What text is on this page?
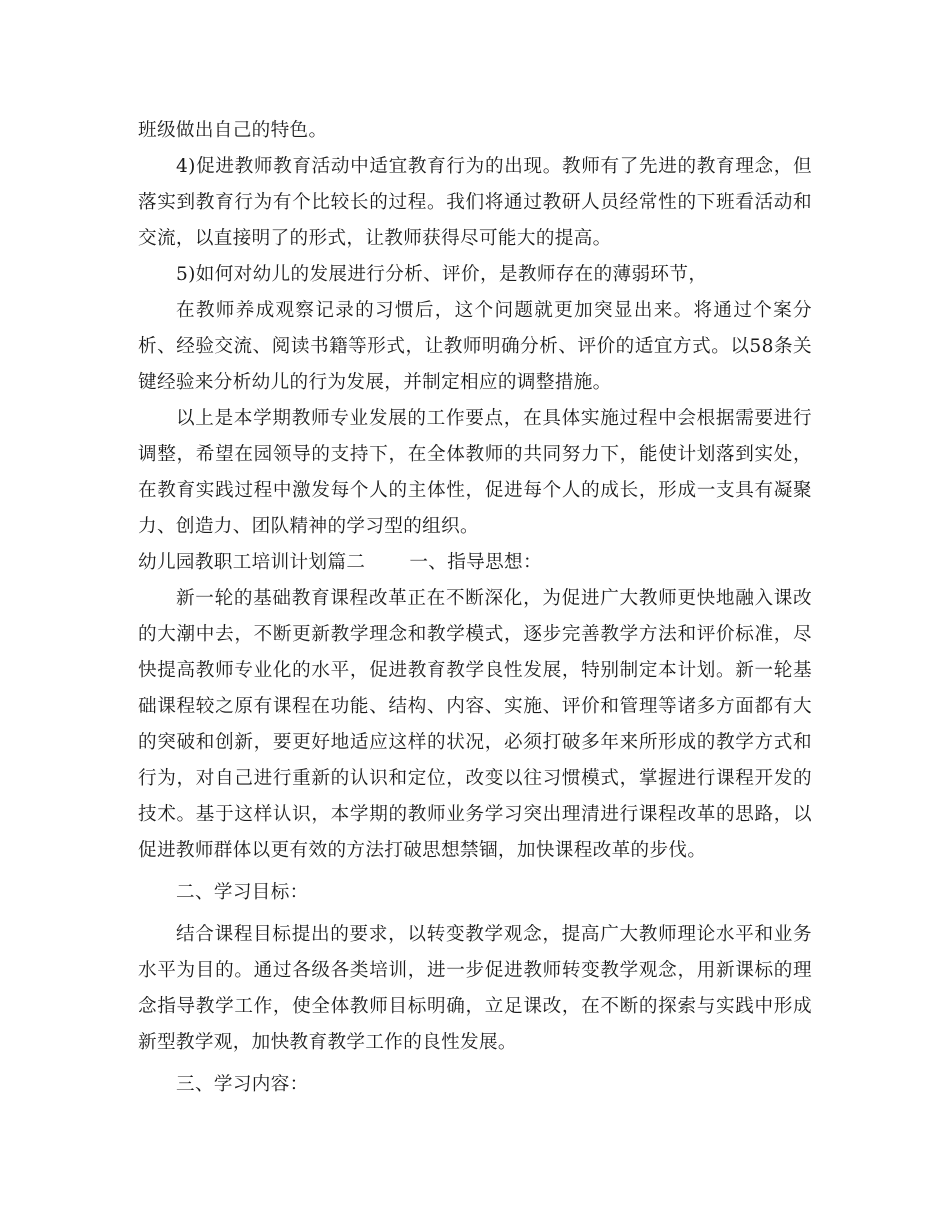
班级做出自己的特色。

4)促进教师教育活动中适宜教育行为的出现。教师有了先进的教育理念，但落实到教育行为有个比较长的过程。我们将通过教研人员经常性的下班看活动和交流，以直接明了的形式，让教师获得尽可能大的提高。

5)如何对幼儿的发展进行分析、评价，是教师存在的薄弱环节，

在教师养成观察记录的习惯后，这个问题就更加突显出来。将通过个案分析、经验交流、阅读书籍等形式，让教师明确分析、评价的适宜方式。以58条关键经验来分析幼儿的行为发展，并制定相应的调整措施。

以上是本学期教师专业发展的工作要点，在具体实施过程中会根据需要进行调整，希望在园领导的支持下，在全体教师的共同努力下，能使计划落到实处，在教育实践过程中激发每个人的主体性，促进每个人的成长，形成一支具有凝聚力、创造力、团队精神的学习型的组织。

幼儿园教职工培训计划篇二 一、指导思想：

新一轮的基础教育课程改革正在不断深化，为促进广大教师更快地融入课改的大潮中去，不断更新教学理念和教学模式，逐步完善教学方法和评价标准，尽快提高教师专业化的水平，促进教育教学良性发展，特别制定本计划。新一轮基础课程较之原有课程在功能、结构、内容、实施、评价和管理等诸多方面都有大的突破和创新，要更好地适应这样的状况，必须打破多年来所形成的教学方式和行为，对自己进行重新的认识和定位，改变以往习惯模式，掌握进行课程开发的技术。基于这样认识，本学期的教师业务学习突出理清进行课程改革的思路，以促进教师群体以更有效的方法打破思想禁锢，加快课程改革的步伐。

二、学习目标：

结合课程目标提出的要求，以转变教学观念，提高广大教师理论水平和业务水平为目的。通过各级各类培训，进一步促进教师转变教学观念，用新课标的理念指导教学工作，使全体教师目标明确，立足课改，在不断的探索与实践中形成新型教学观，加快教育教学工作的良性发展。

三、学习内容：
